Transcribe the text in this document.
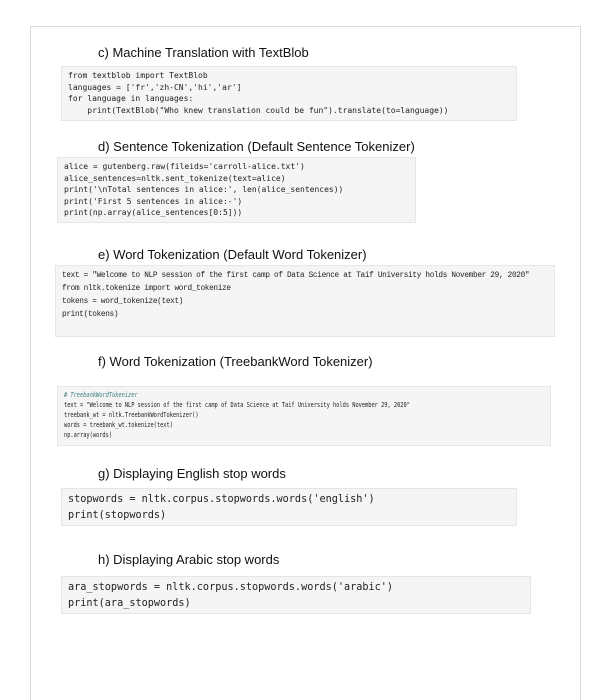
c) Machine Translation with TextBlob
from textblob import TextBlob
languages = ['fr','zh-CN','hi','ar']
for language in languages:
print(TextBlob("Who knew translation could be fun").translate(to=language))
d) Sentence Tokenization (Default Sentence Tokenizer)
alice = gutenberg.raw(fileids='carroll-alice.txt')
alice_sentences=nltk.sent_tokenize(text=alice)
print('\nTotal sentences in alice:', len(alice_sentences))
print('First 5 sentences in alice:-')
print(np.array(alice_sentences[0:5]))
e) Word Tokenization (Default Word Tokenizer)
text = "Welcome to NLP session of the first camp of Data Science at Taif University holds November 29, 2020"
from nltk.tokenize import word_tokenize
tokens = word_tokenize(text)
print(tokens)
f) Word Tokenization (TreebankWord Tokenizer)
# TreebankWordTokenizer
text = "Welcome to NLP session of the first camp of Data Science at Taif University holds November 29, 2020"
treebank_wt = nltk.TreebankWordTokenizer()
words = treebank_wt.tokenize(text)
np.array(words)
g) Displaying English stop words
stopwords = nltk.corpus.stopwords.words('english')
print(stopwords)
h) Displaying Arabic stop words
ara_stopwords = nltk.corpus.stopwords.words('arabic')
print(ara_stopwords)
